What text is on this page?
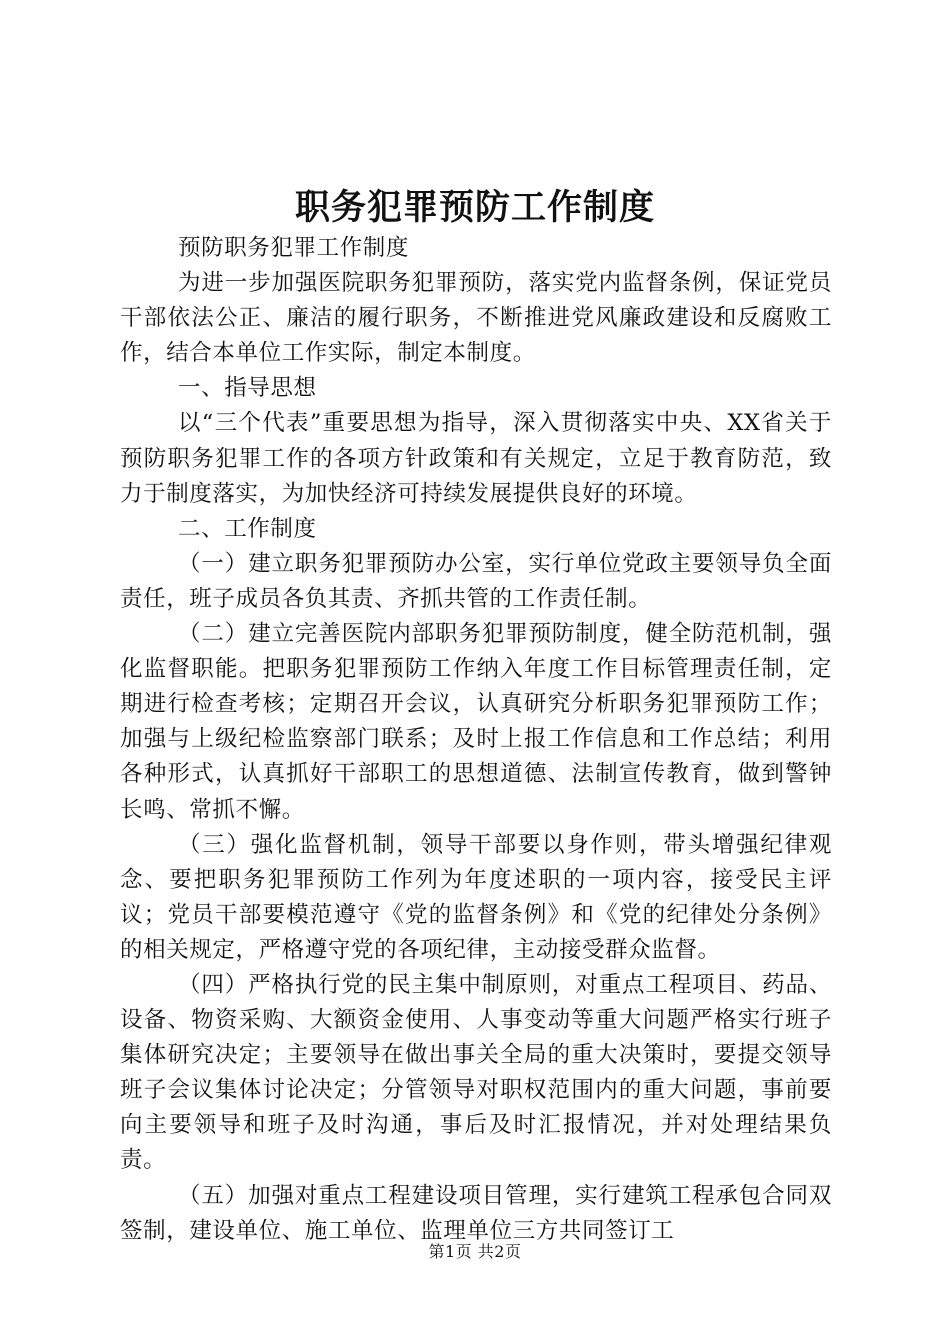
职务犯罪预防工作制度

预防职务犯罪工作制度

为进一步加强医院职务犯罪预防，落实党内监督条例，保证党员干部依法公正、廉洁的履行职务，不断推进党风廉政建设和反腐败工作，结合本单位工作实际，制定本制度。

一、指导思想

以“三个代表”重要思想为指导，深入贯彻落实中央、XX省关于预防职务犯罪工作的各项方针政策和有关规定，立足于教育防范，致力于制度落实，为加快经济可持续发展提供良好的环境。

二、工作制度

（一）建立职务犯罪预防办公室，实行单位党政主要领导负全面责任，班子成员各负其责、齐抓共管的工作责任制。

（二）建立完善医院内部职务犯罪预防制度，健全防范机制，强化监督职能。把职务犯罪预防工作纳入年度工作目标管理责任制，定期进行检查考核；定期召开会议，认真研究分析职务犯罪预防工作；加强与上级纪检监察部门联系；及时上报工作信息和工作总结；利用各种形式，认真抓好干部职工的思想道德、法制宣传教育，做到警钟长鸣、常抓不懈。

（三）强化监督机制，领导干部要以身作则，带头增强纪律观念、要把职务犯罪预防工作列为年度述职的一项内容，接受民主评议；党员干部要模范遵守《党的监督条例》和《党的纪律处分条例》的相关规定，严格遵守党的各项纪律，主动接受群众监督。

（四）严格执行党的民主集中制原则，对重点工程项目、药品、设备、物资采购、大额资金使用、人事变动等重大问题严格实行班子集体研究决定；主要领导在做出事关全局的重大决策时，要提交领导班子会议集体讨论决定；分管领导对职权范围内的重大问题，事前要向主要领导和班子及时沟通，事后及时汇报情况，并对处理结果负责。

（五）加强对重点工程建设项目管理，实行建筑工程承包合同双签制，建设单位、施工单位、监理单位三方共同签订工

第1页 共2页
